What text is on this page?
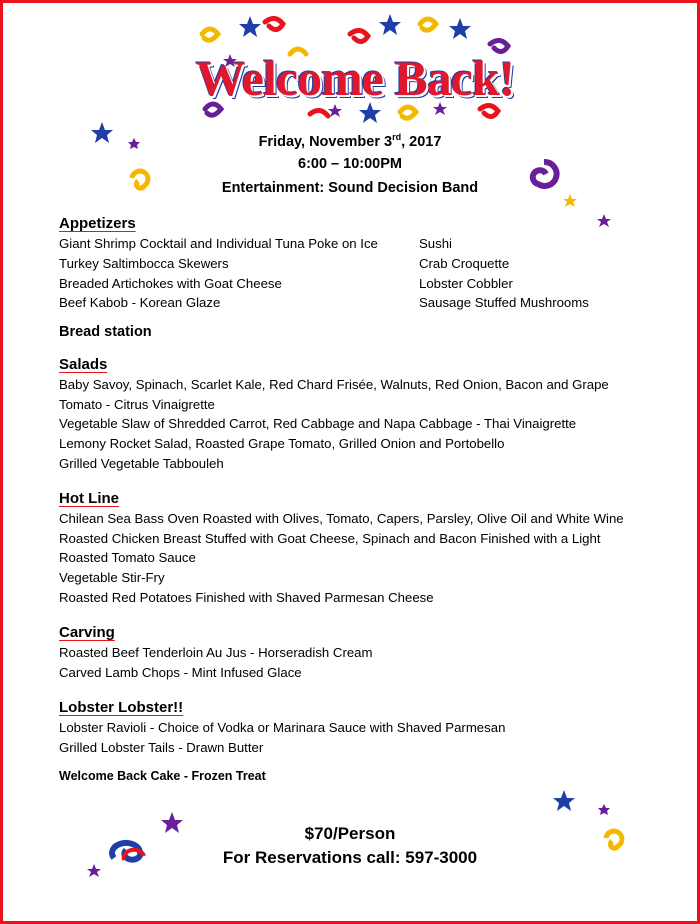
Welcome Back!
Friday, November 3rd, 2017
6:00 – 10:00PM
Entertainment: Sound Decision Band
Appetizers
Giant Shrimp Cocktail and Individual Tuna Poke on Ice
Turkey Saltimbocca Skewers
Breaded Artichokes with Goat Cheese
Beef Kabob - Korean Glaze
Sushi
Crab Croquette
Lobster Cobbler
Sausage Stuffed Mushrooms
Bread station
Salads
Baby Savoy, Spinach, Scarlet Kale, Red Chard Frisée, Walnuts, Red Onion, Bacon and Grape
Tomato - Citrus Vinaigrette
Vegetable Slaw of Shredded Carrot, Red Cabbage and Napa Cabbage - Thai Vinaigrette
Lemony Rocket Salad, Roasted Grape Tomato, Grilled Onion and Portobello
Grilled Vegetable Tabbouleh
Hot Line
Chilean Sea Bass Oven Roasted with Olives, Tomato, Capers, Parsley, Olive Oil and White Wine
Roasted Chicken Breast Stuffed with Goat Cheese, Spinach and Bacon Finished with a Light
Roasted Tomato Sauce
Vegetable Stir-Fry
Roasted Red Potatoes Finished with Shaved Parmesan Cheese
Carving
Roasted Beef Tenderloin Au Jus - Horseradish Cream
Carved Lamb Chops - Mint Infused Glace
Lobster Lobster!!
Lobster Ravioli - Choice of Vodka or Marinara Sauce with Shaved Parmesan
Grilled Lobster Tails - Drawn Butter
Welcome Back Cake - Frozen Treat
$70/Person
For Reservations call: 597-3000
